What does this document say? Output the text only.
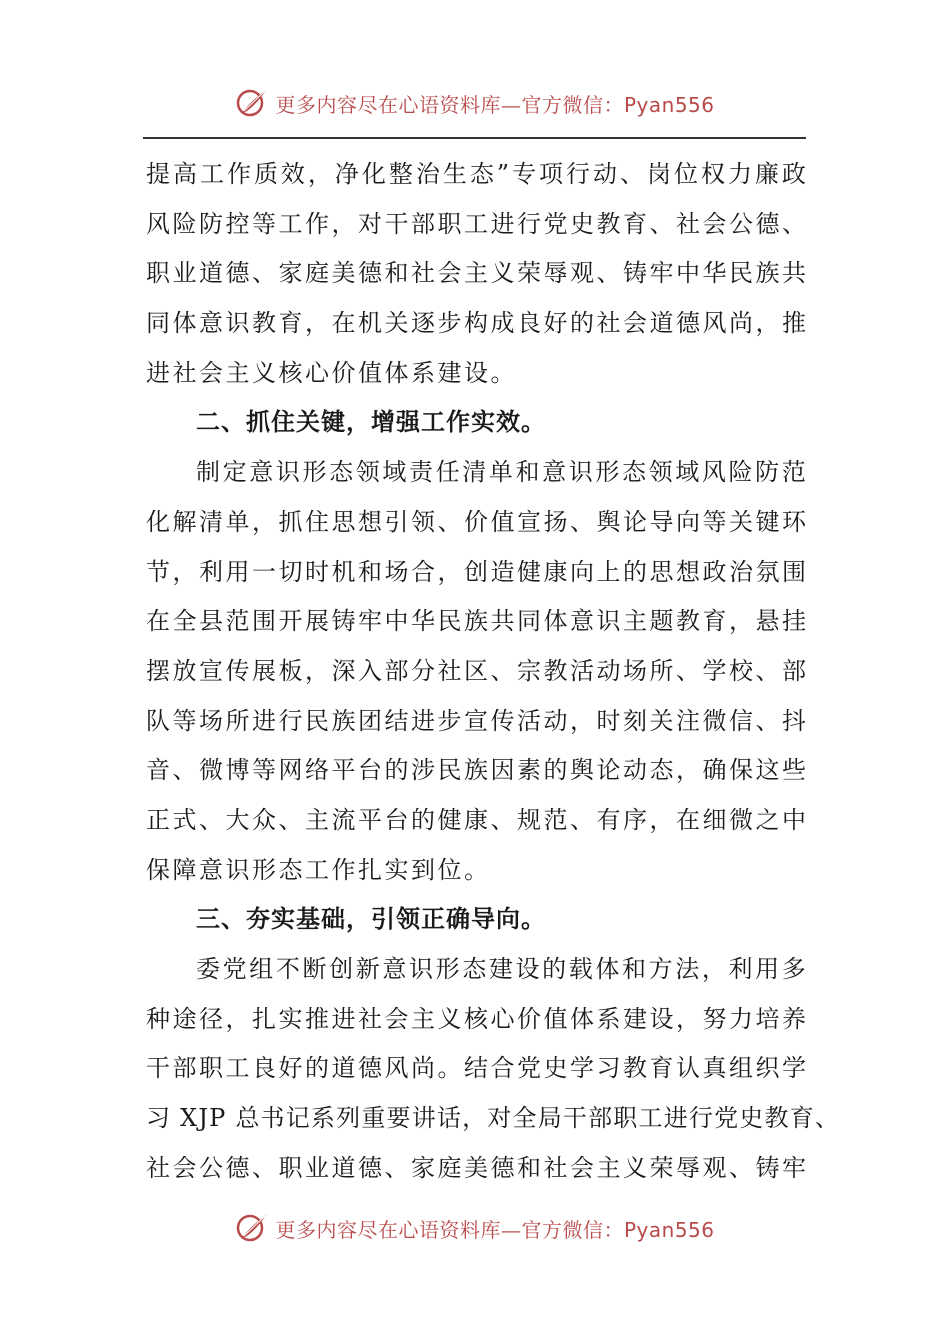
更多内容尽在心语资料库—官方微信：Pyan556
提 高 工 作 质 效 ， 净 化 整 治 生 态 ” 专 项 行 动 、 岗 位 权 力 廉 政
风 险 防 控 等 工 作 ， 对 干 部 职 工 进 行 党 史 教 育 、 社 会 公 德 、
职 业 道 德 、 家 庭 美 德 和 社 会 主 义 荣 辱 观 、 铸 牢 中 华 民 族 共
同 体 意 识 教 育 ， 在 机 关 逐 步 构 成 良 好 的 社 会 道 德 风 尚 ， 推
进社会主义核心价值体系建设。
二、抓住关键，增强工作实效。
制 定 意 识 形 态 领 域 责 任 清 单 和 意 识 形 态 领 域 风 险 防 范
化 解 清 单 ， 抓 住 思 想 引 领 、 价 值 宣 扬 、 舆 论 导 向 等 关 键 环
节 ， 利 用 一 切 时 机 和 场 合 ， 创 造 健 康 向 上 的 思 想 政 治 氛 围
在 全 县 范 围 开 展 铸 牢 中 华 民 族 共 同 体 意 识 主 题 教 育 ， 悬 挂
摆 放 宣 传 展 板 ， 深 入 部 分 社 区 、 宗 教 活 动 场 所 、 学 校 、 部
队 等 场 所 进 行 民 族 团 结 进 步 宣 传 活 动 ， 时 刻 关 注 微 信 、 抖
音 、 微 博 等 网 络 平 台 的 涉 民 族 因 素 的 舆 论 动 态 ， 确 保 这 些
正 式 、 大 众 、 主 流 平 台 的 健 康 、 规 范 、 有 序 ， 在 细 微 之 中
保障意识形态工作扎实到位。
三、夯实基础，引领正确导向。
委 党 组 不 断 创 新 意 识 形 态 建 设 的 载 体 和 方 法 ， 利 用 多
种 途 径 ， 扎 实 推 进 社 会 主 义 核 心 价 值 体 系 建 设 ， 努 力 培 养
干 部 职 工 良 好 的 道 德 风 尚 。 结 合 党 史 学 习 教 育 认 真 组 织 学
习 XJP 总书记系列重要讲话，对全局干部职工进行党史教育、
社会公德、职业道德、家庭美德和社会主义荣辱观、铸牢
更多内容尽在心语资料库—官方微信：Pyan556
